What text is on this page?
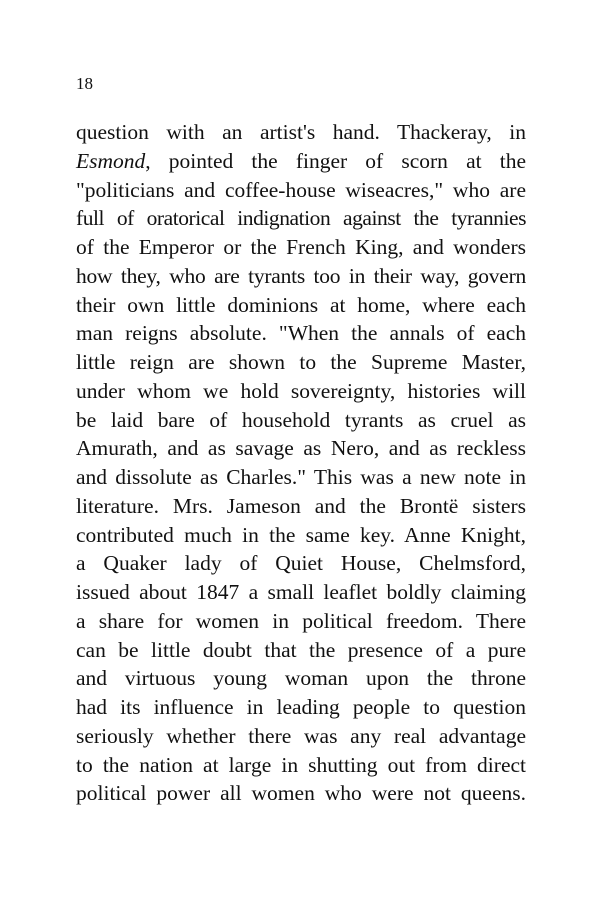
18
question with an artist's hand. Thackeray, in
Esmond, pointed the finger of scorn at the
"politicians and coffee-house wiseacres," who are
full of oratorical indignation against the tyrannies
of the Emperor or the French King, and wonders
how they, who are tyrants too in their way, govern
their own little dominions at home, where each
man reigns absolute. "When the annals of each
little reign are shown to the Supreme Master,
under whom we hold sovereignty, histories will
be laid bare of household tyrants as cruel as
Amurath, and as savage as Nero, and as reckless
and dissolute as Charles." This was a new note in
literature. Mrs. Jameson and the Brontë sisters
contributed much in the same key. Anne Knight,
a Quaker lady of Quiet House, Chelmsford,
issued about 1847 a small leaflet boldly claiming
a share for women in political freedom. There
can be little doubt that the presence of a pure
and virtuous young woman upon the throne
had its influence in leading people to question
seriously whether there was any real advantage
to the nation at large in shutting out from direct
political power all women who were not queens.
